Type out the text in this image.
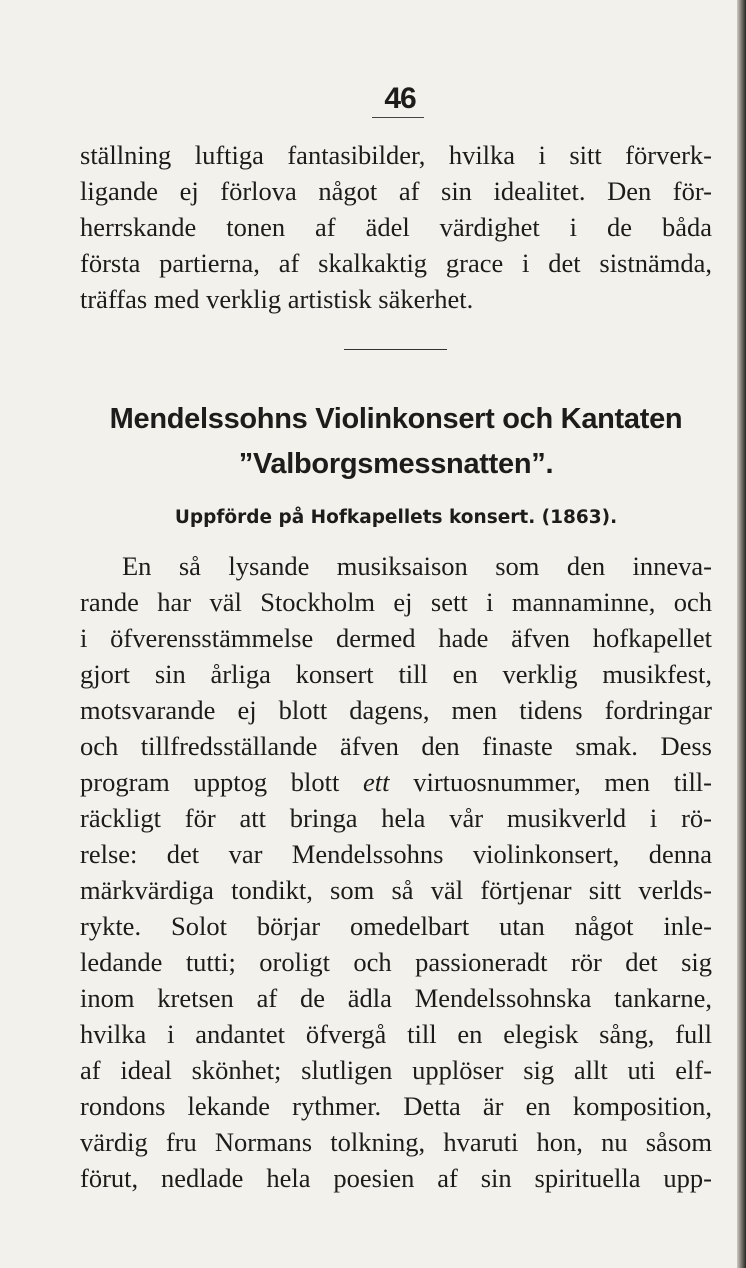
46
ställning luftiga fantasibilder, hvilka i sitt förverk-
ligande ej förlova något af sin idealitet. Den för-
herrskande tonen af ädel värdighet i de båda
första partierna, af skalkaktig grace i det sistnämda,
träffas med verklig artistisk säkerhet.
Mendelssohns Violinkonsert och Kantaten
”Valborgsmessnatten”.
Uppförde på Hofkapellets konsert. (1863).
En så lysande musiksaison som den inneva-
rande har väl Stockholm ej sett i mannaminne, och
i öfverensstämmelse dermed hade äfven hofkapellet
gjort sin årliga konsert till en verklig musikfest,
motsvarande ej blott dagens, men tidens fordringar
och tillfredsställande äfven den finaste smak. Dess
program upptog blott ett virtuosnummer, men till-
räckligt för att bringa hela vår musikverld i rö-
relse: det var Mendelssohns violinkonsert, denna
märkvärdiga tondikt, som så väl förtjenar sitt verlds-
rykte. Solot börjar omedelbart utan något inle-
ledande tutti; oroligt och passioneradt rör det sig
inom kretsen af de ädla Mendelssohnska tankarne,
hvilka i andantet öfvergå till en elegisk sång, full
af ideal skönhet; slutligen upplöser sig allt uti elf-
rondons lekande rythmer. Detta är en komposition,
värdig fru Normans tolkning, hvaruti hon, nu såsom
förut, nedlade hela poesien af sin spirituella upp-
